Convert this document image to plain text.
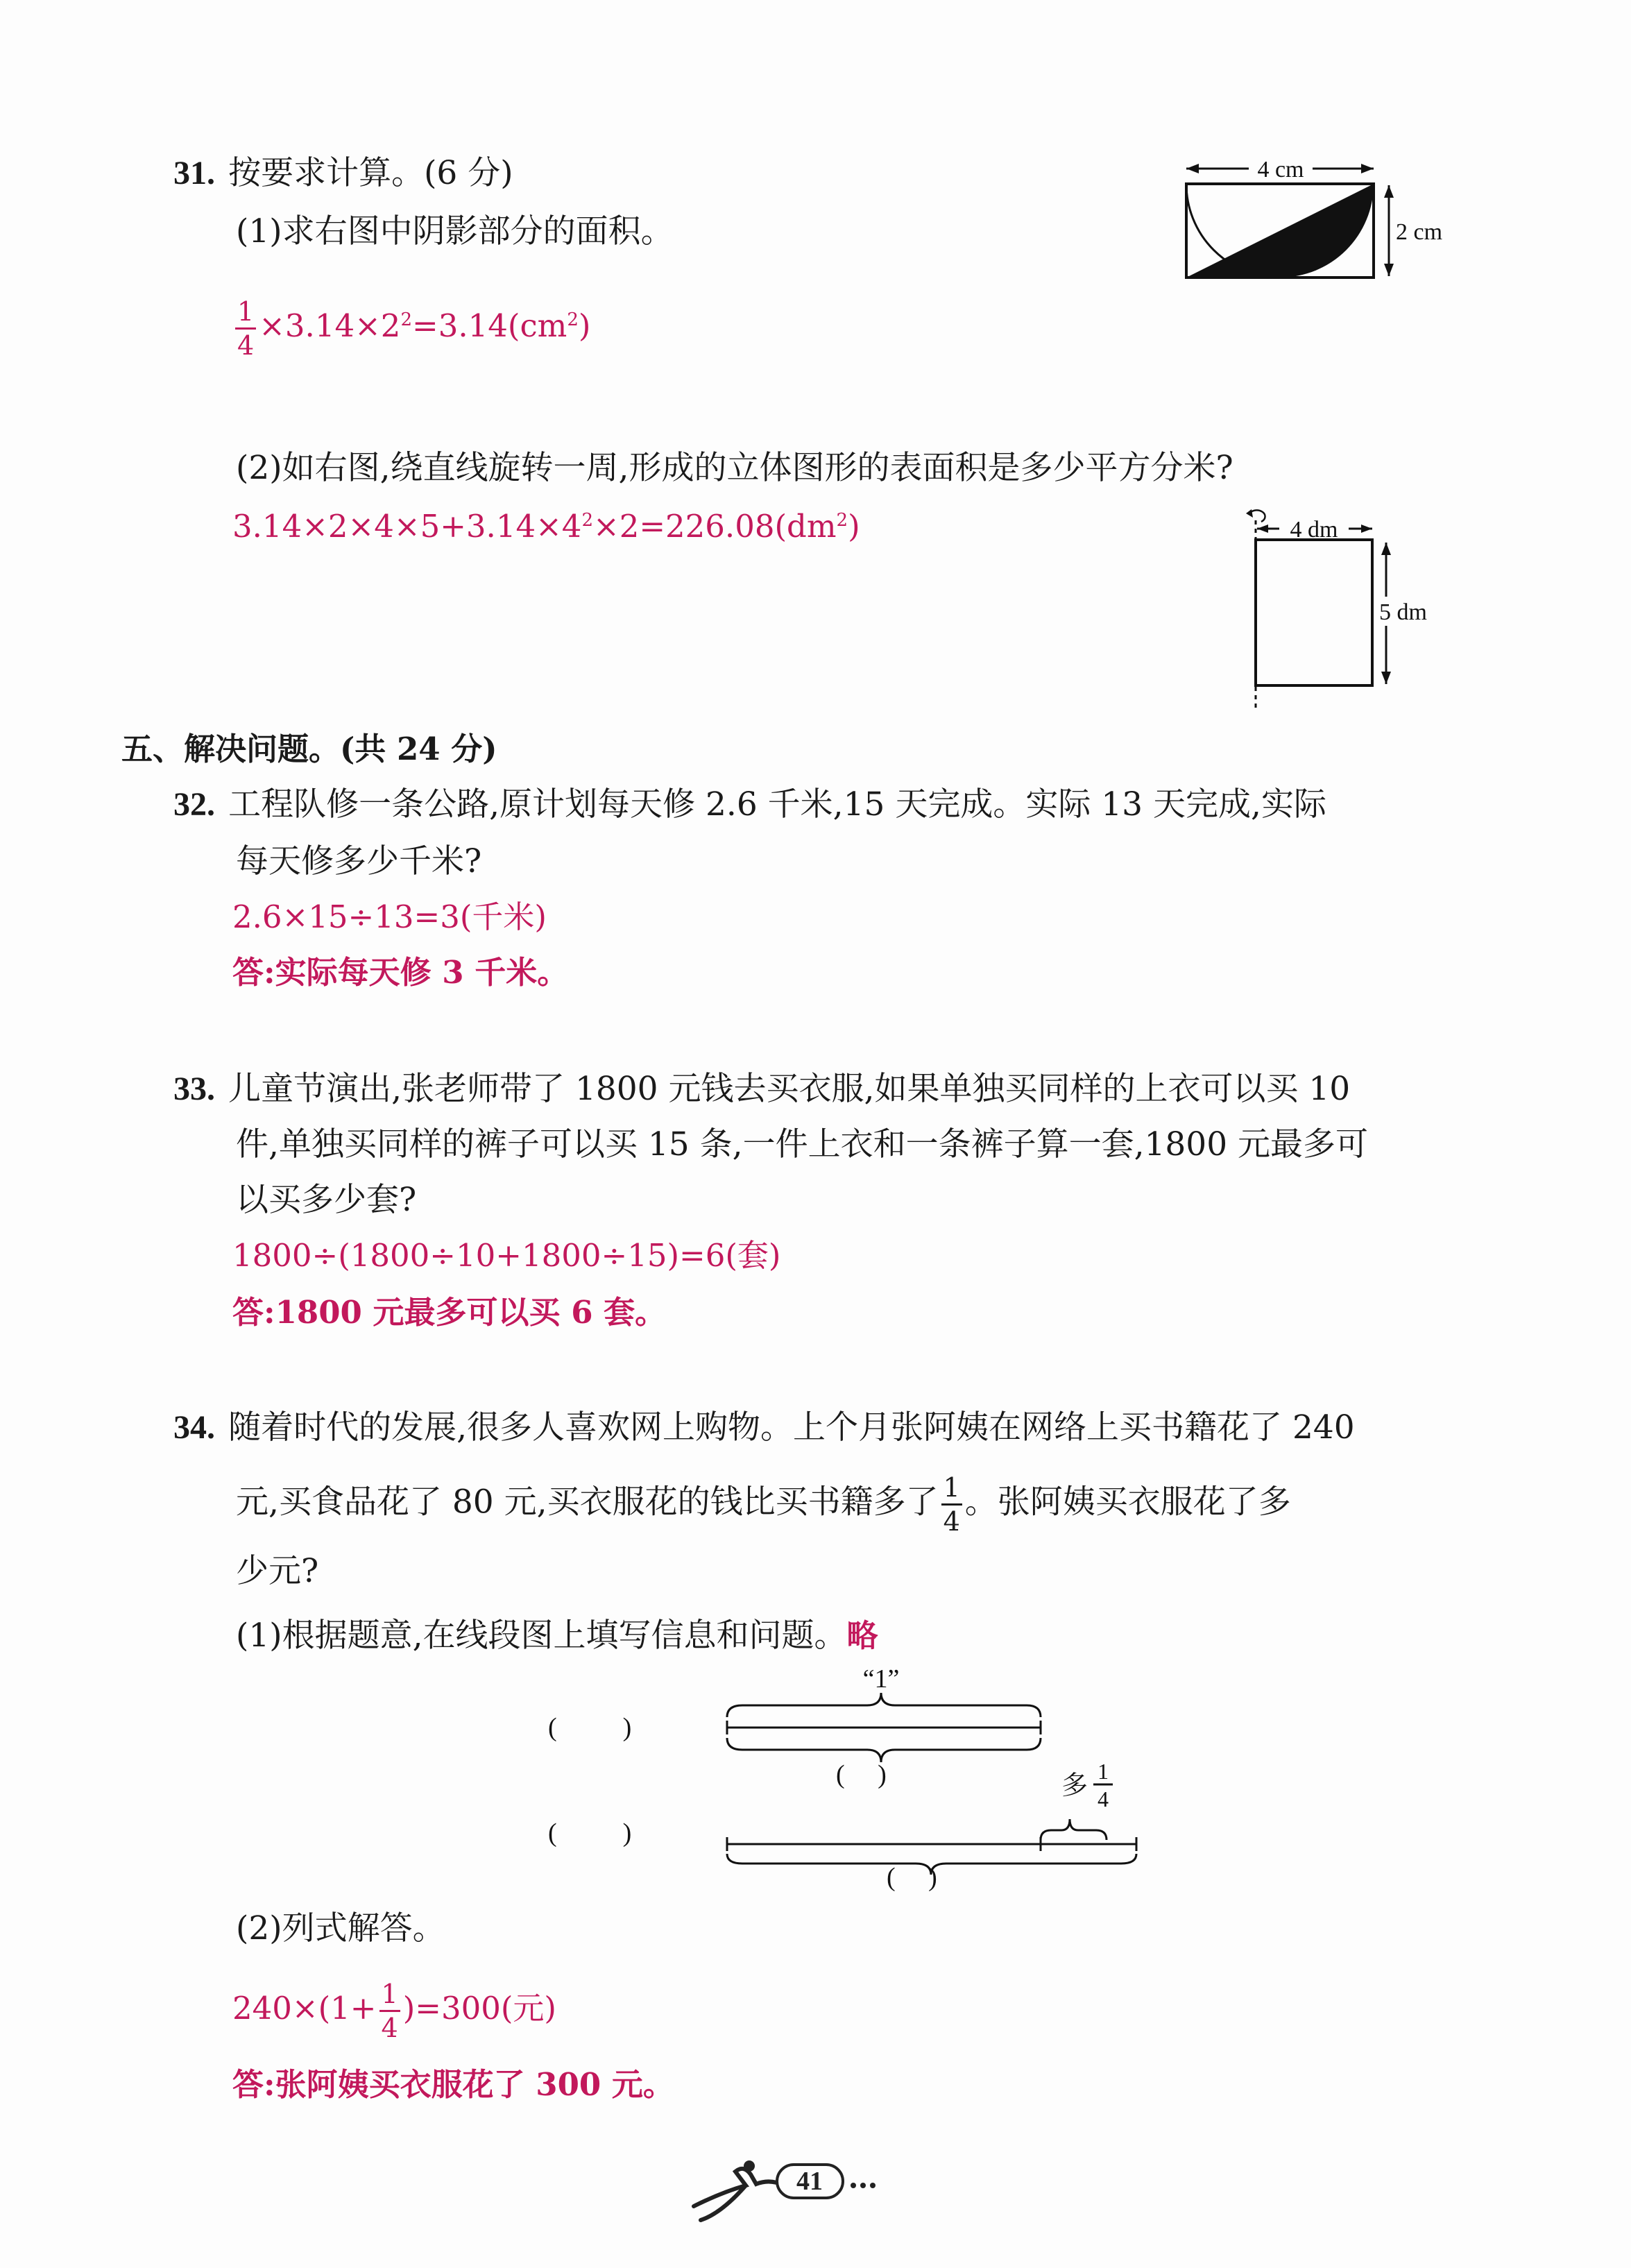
31. 按要求计算。(6 分)
(1)求右图中阴影部分的面积。
$\frac{1}{4} \times 3.14\times 2^2=3.14(cm^2)$
4 cm
2 cm
(2)如右图,绕直线旋转一周,形成的立体图形的表面积是多少平方分米?
$3.14\times 2\times 4\times 5+3.14\times 4^2\times 2=226.08(dm^2)$	4 dm
5 dm
五、解决问题。(共 24 分)
32. 工程队修一条公路,原计划每天修 2.6 千米,15 天完成。实际 13 天完成,实际
每天修多少千米?
2.6×15÷13=3(千米)
答:实际每天修 3 千米。
33. 儿童节演出,张老师带了 1800 元钱去买衣服,如果单独买同样的上衣可以买 10
件,单独买同样的裤子可以买 15 条,一件上衣和一条裤子算一套,1800 元最多可
以买多少套?
1800÷(1800÷10+1800÷15)=6(套)
答:1800 元最多可以买 6 套。
34. 随着时代的发展,很多人喜欢网上购物。上个月张阿姨在网络上买书籍花了 240
元,买食品花了 80 元,买衣服花的钱比买书籍多了 $\frac{1}{4}$ 。张阿姨买衣服花了多
少元?
(1)根据题意,在线段图上填写信息和问题。略
“1”
(          )
(     )	多 1
4
(          )
(     )
(2)列式解答。
$240\times(1+ \frac{1}{4} )=300$(元)
答:张阿姨买衣服花了 300 元。
41
